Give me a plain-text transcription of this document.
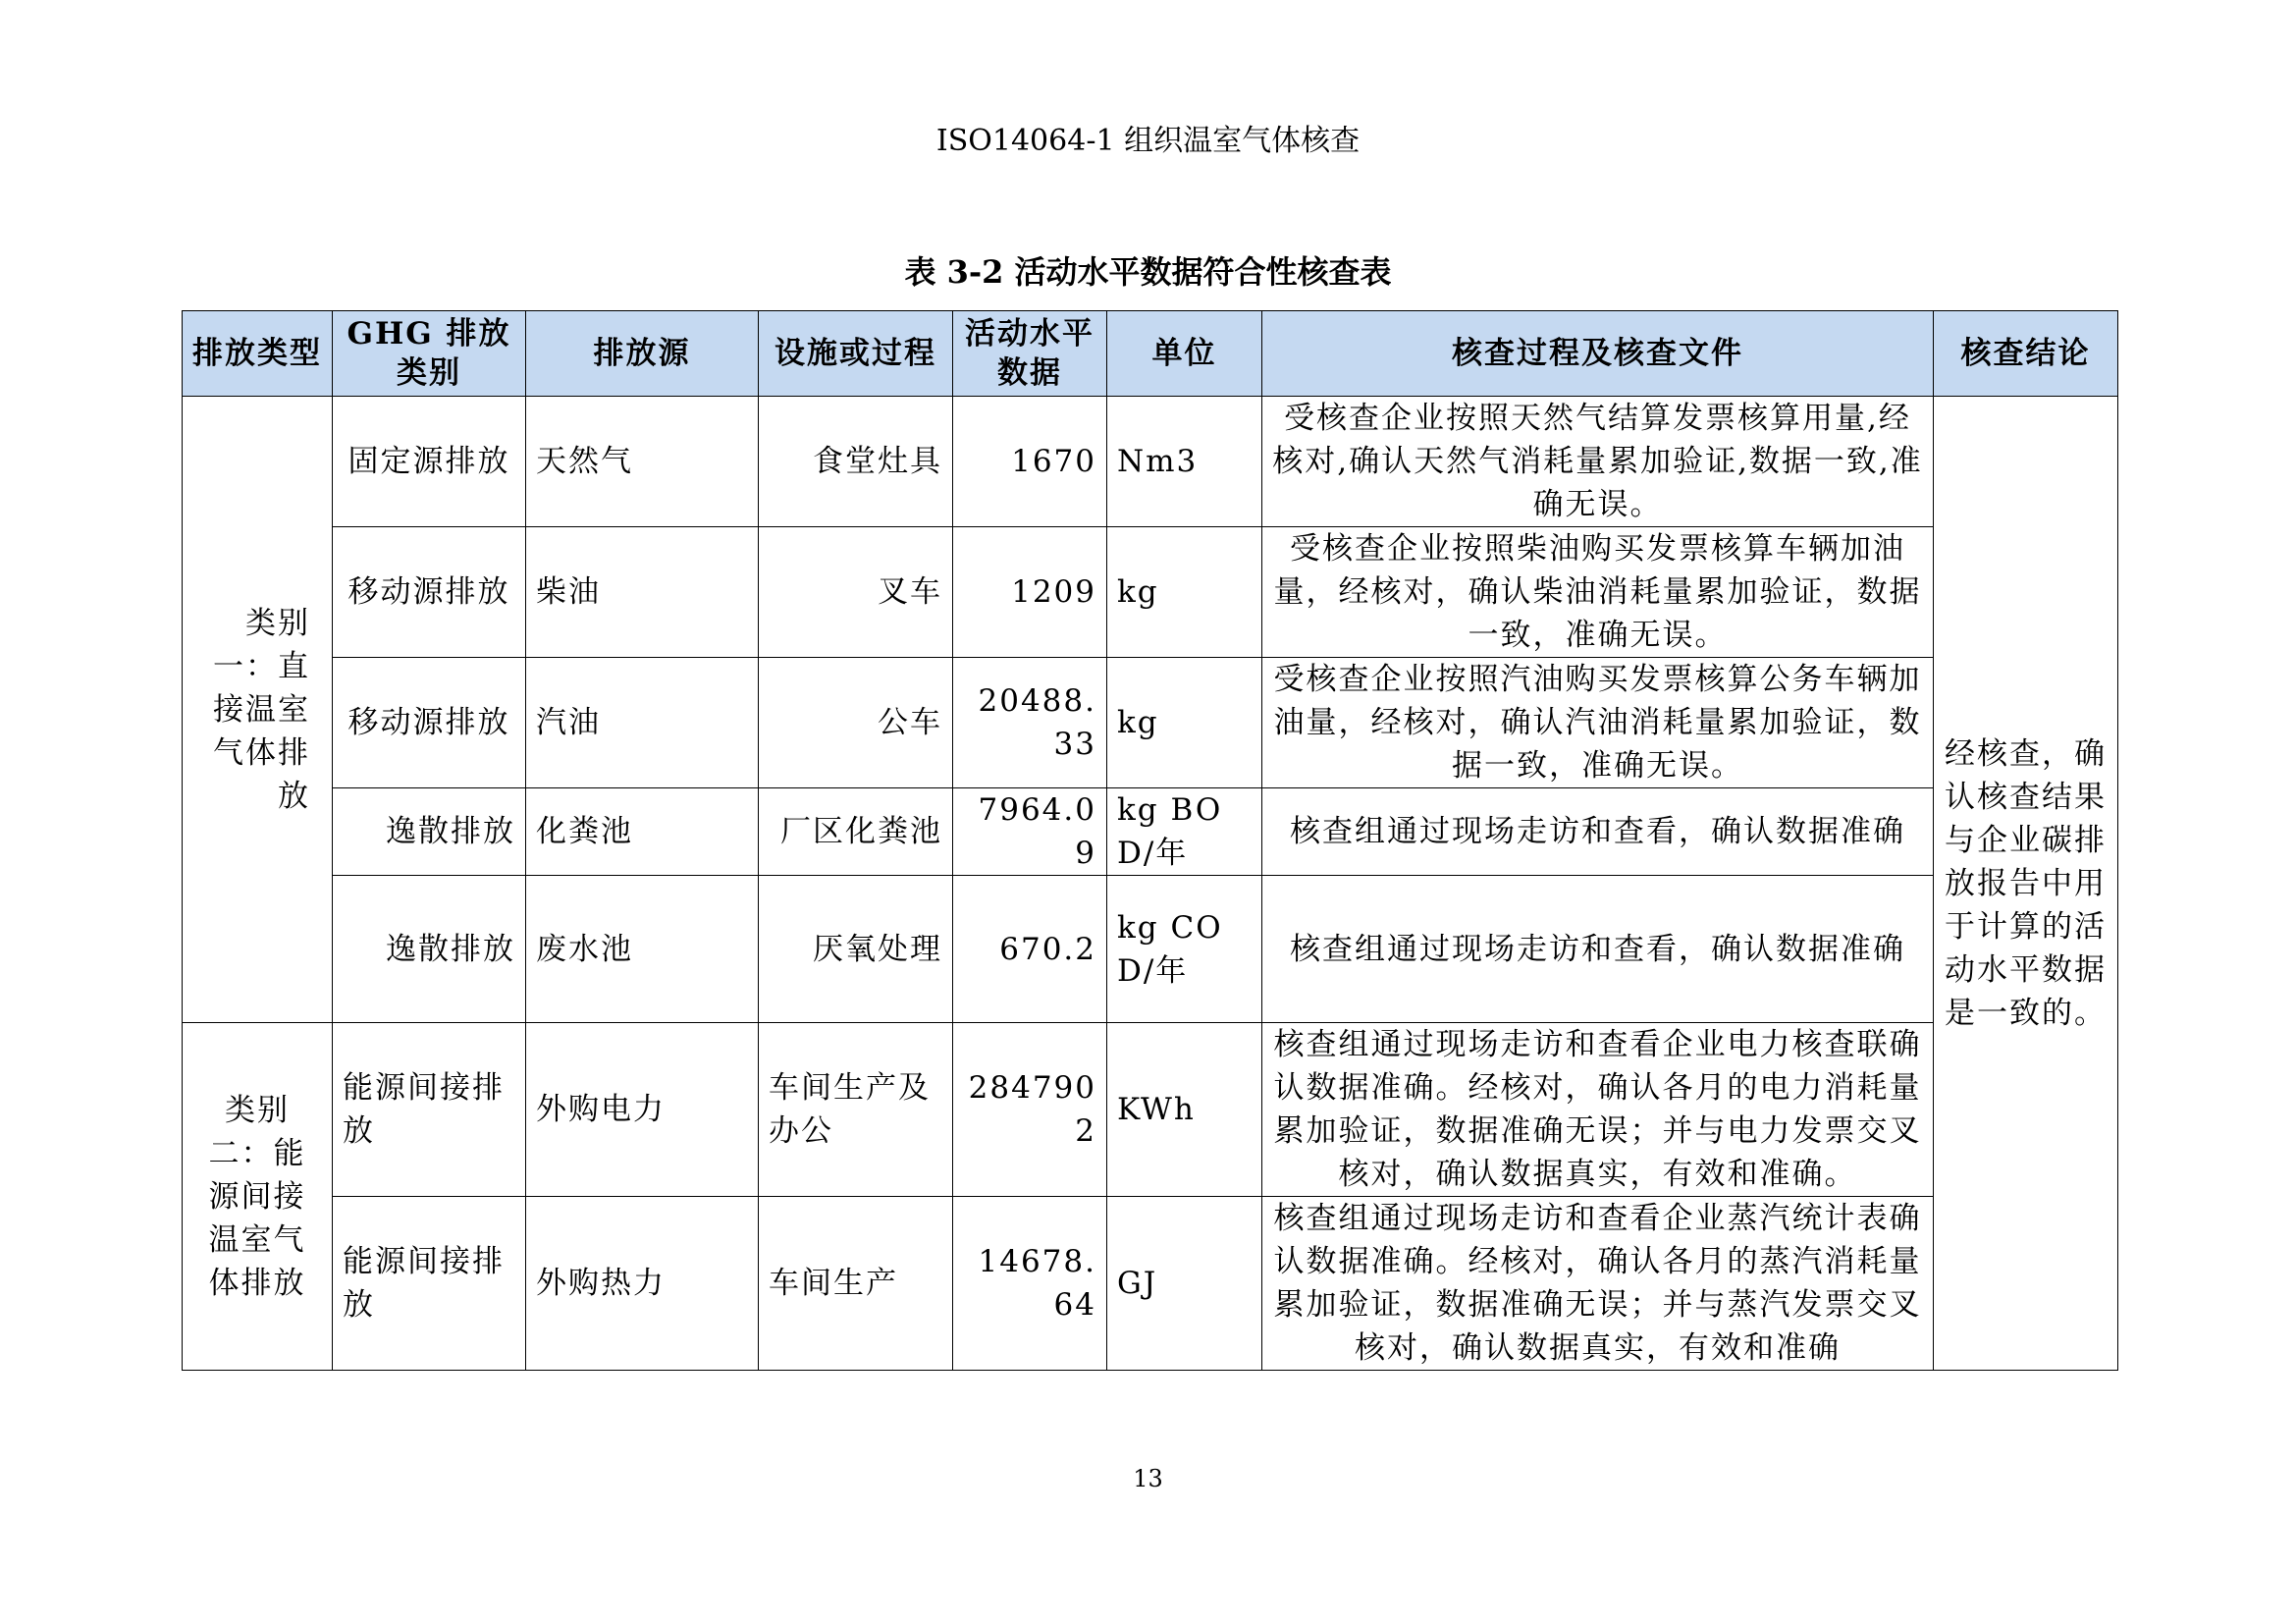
ISO14064-1 组织温室气体核查
表 3-2 活动水平数据符合性核查表
排放类型	GHG 排放类别	排放源	设施或过程	活动水平数据	单位	核查过程及核查文件	核查结论

类别一：直接温室气体排放	固定源排放	天然气	食堂灶具	1670	Nm3	受核查企业按照天然气结算发票核算用量,经核对,确认天然气消耗量累加验证,数据一致,准确无误。	经核查，确认核查结果与企业碳排放报告中用于计算的活动水平数据是一致的。
	移动源排放	柴油	叉车	1209	kg	受核查企业按照柴油购买发票核算车辆加油量，经核对，确认柴油消耗量累加验证，数据一致，准确无误。	
	移动源排放	汽油	公车	20488.33	kg	受核查企业按照汽油购买发票核算公务车辆加油量，经核对，确认汽油消耗量累加验证，数据一致，准确无误。	
	逸散排放	化粪池	厂区化粪池	7964.09	kg BOD/年	核查组通过现场走访和查看，确认数据准确	
	逸散排放	废水池	厌氧处理	670.2	kg COD/年	核查组通过现场走访和查看，确认数据准确	

类别二：能源间接温室气体排放	能源间接排放	外购电力	车间生产及办公	2847902	KWh	核查组通过现场走访和查看企业电力核查联确认数据准确。经核对，确认各月的电力消耗量累加验证，数据准确无误；并与电力发票交叉核对，确认数据真实，有效和准确。	
	能源间接排放	外购热力	车间生产	14678.64	GJ	核查组通过现场走访和查看企业蒸汽统计表确认数据准确。经核对，确认各月的蒸汽消耗量累加验证，数据准确无误；并与蒸汽发票交叉核对，确认数据真实，有效和准确	
13
